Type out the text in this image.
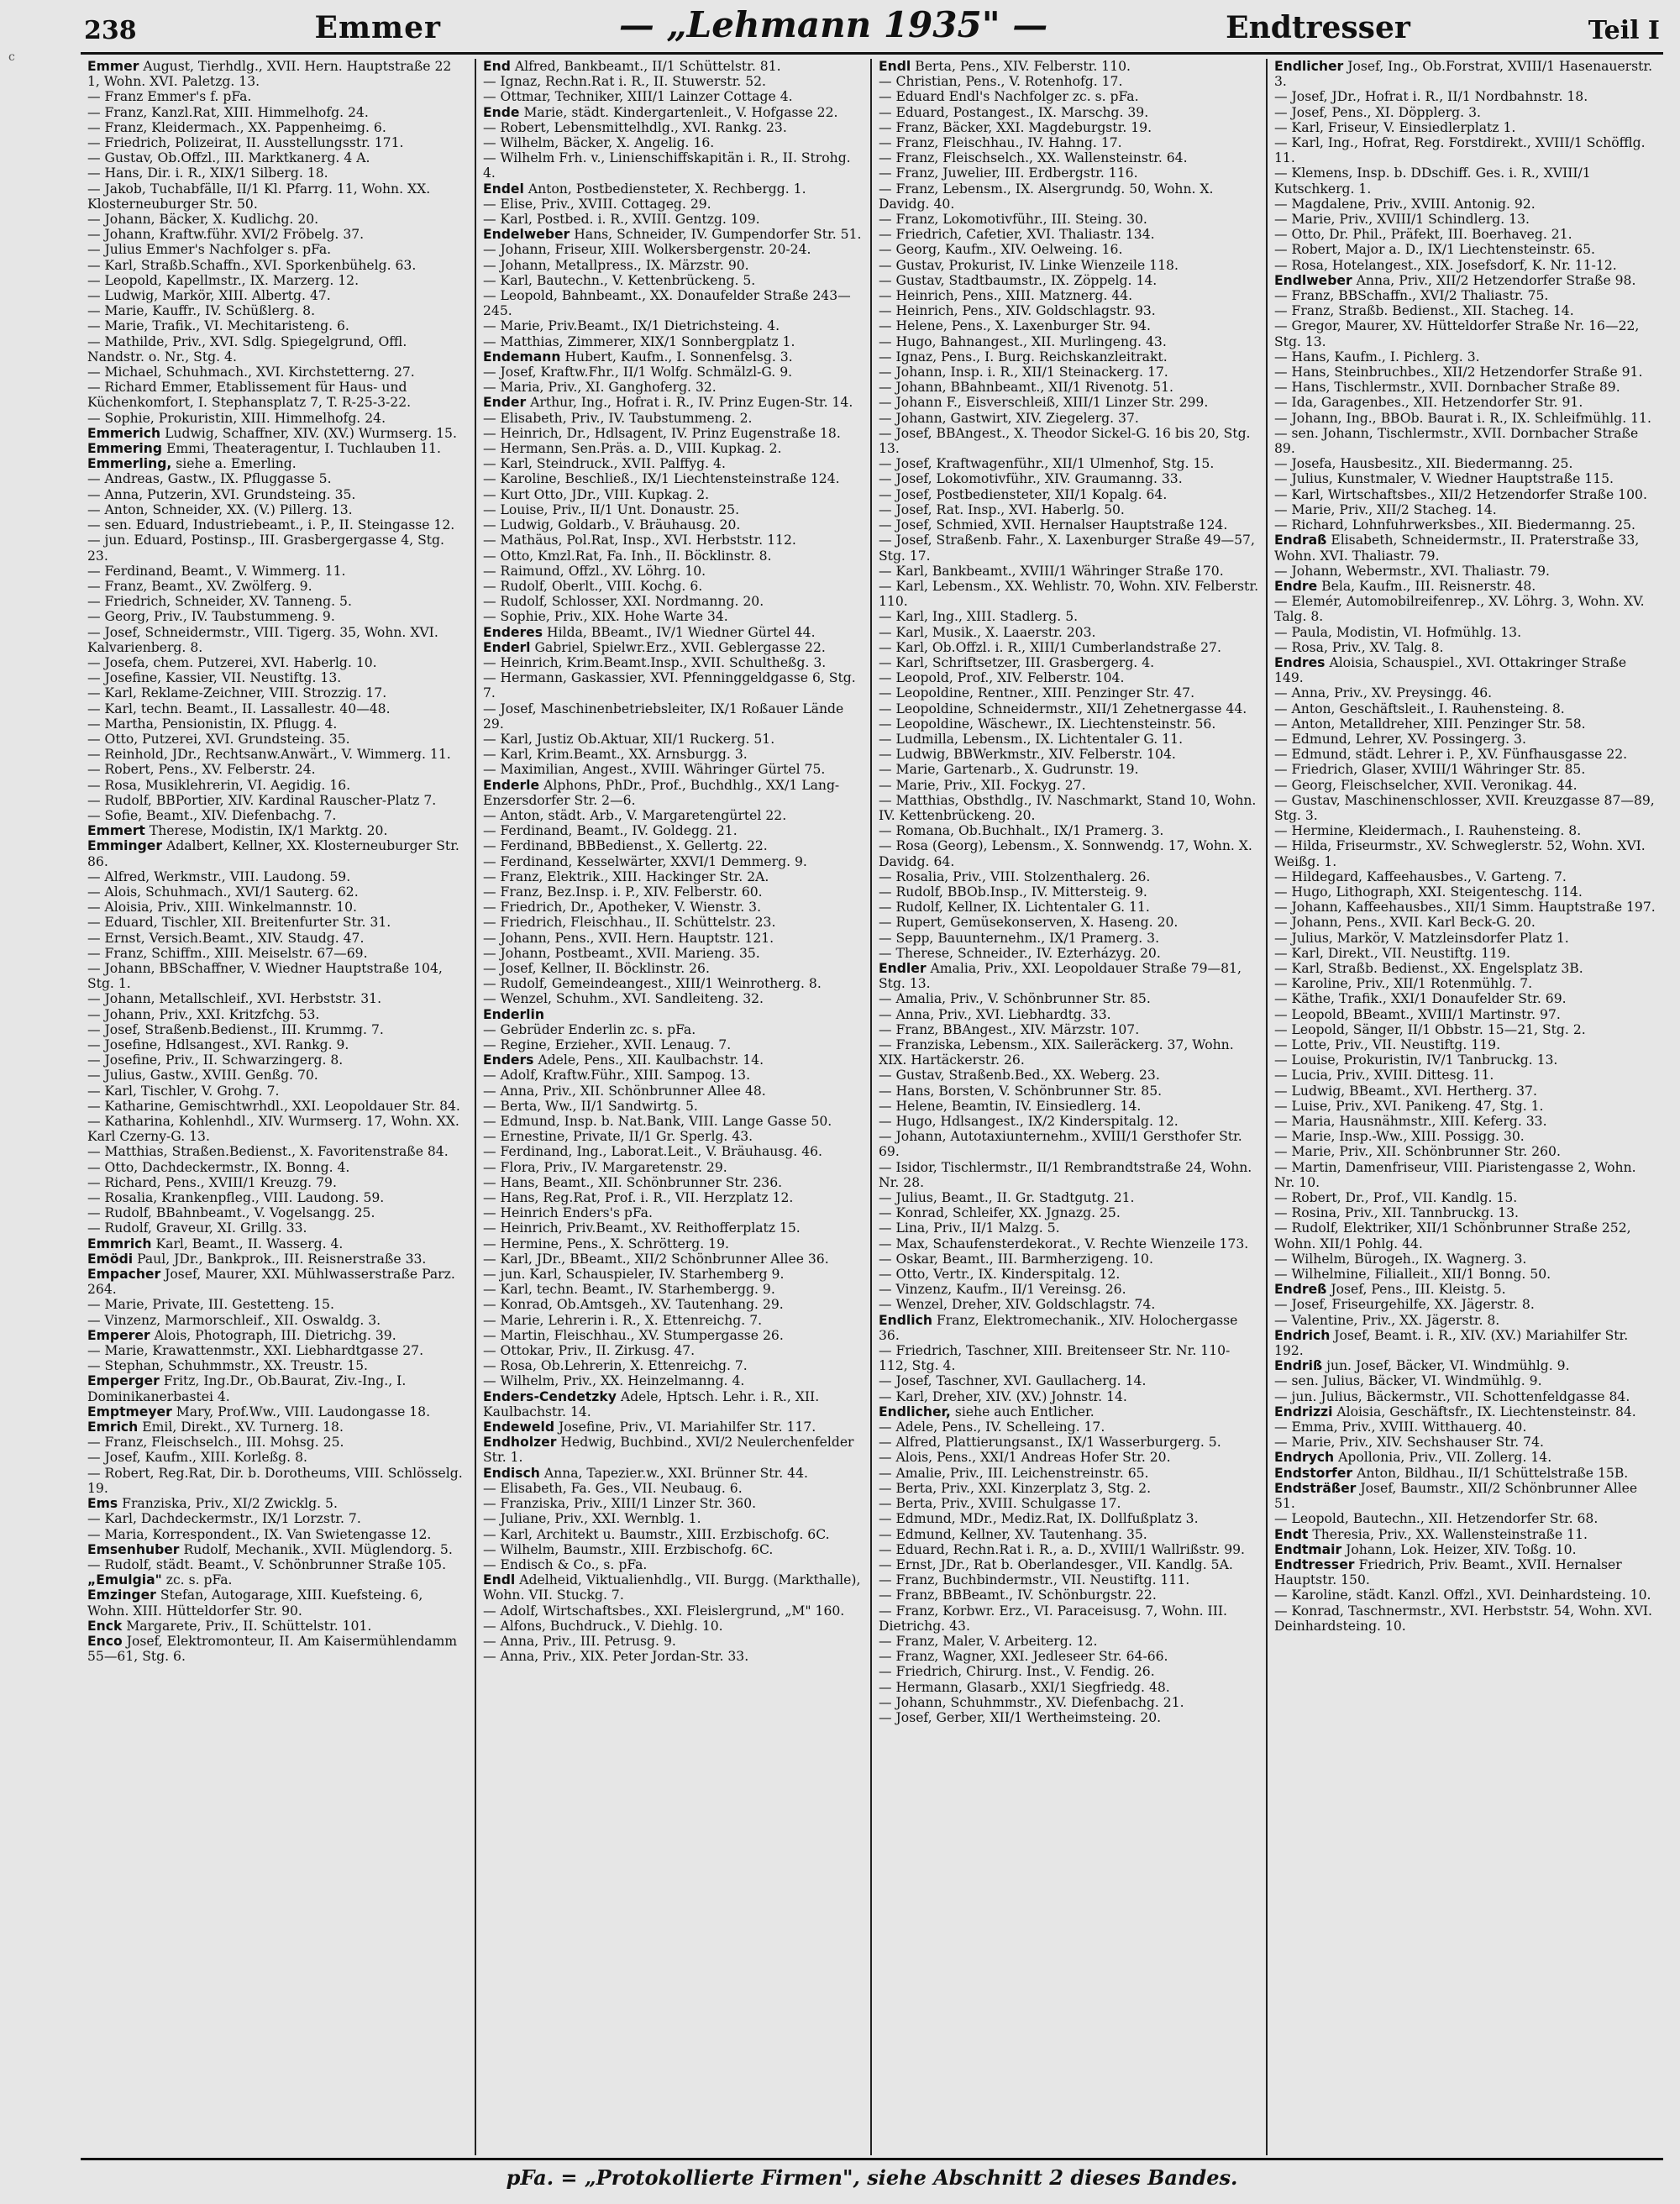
c
238	Emmer	— „Lehmann 1935" —	Endtresser	Teil I
Emmer August, Tierhdlg., XVII. Hern. Hauptstraße 22 1, Wohn. XVI. Paletzg. 13.
— Franz Emmer's f. pFa.
— Franz, Kanzl.Rat, XIII. Himmelhofg. 24.
— Franz, Kleidermach., XX. Pappenheimg. 6.
— Friedrich, Polizeirat, II. Ausstellungsstr. 171.
— Gustav, Ob.Offzl., III. Marktkanerg. 4 A.
— Hans, Dir. i. R., XIX/1 Silberg. 18.
— Jakob, Tuchabfälle, II/1 Kl. Pfarrg. 11, Wohn. XX. Klosterneuburger Str. 50.
— Johann, Bäcker, X. Kudlichg. 20.
— Johann, Kraftw.führ. XVI/2 Fröbelg. 37.
— Julius Emmer's Nachfolger s. pFa.
— Karl, Straßb.Schaffn., XVI. Sporkenbühelg. 63.
— Leopold, Kapellmstr., IX. Marzerg. 12.
— Ludwig, Markör, XIII. Albertg. 47.
— Marie, Kauffr., IV. Schüßlerg. 8.
— Marie, Trafik., VI. Mechitaristeng. 6.
— Mathilde, Priv., XVI. Sdlg. Spiegelgrund, Offl. Nandstr. o. Nr., Stg. 4.
— Michael, Schuhmach., XVI. Kirchstetterng. 27.
— Richard Emmer, Etablissement für Haus- und Küchenkomfort, I. Stephansplatz 7, T. R-25-3-22.
— Sophie, Prokuristin, XIII. Himmelhofg. 24.
Emmerich Ludwig, Schaffner, XIV. (XV.) Wurmserg. 15.
Emmering Emmi, Theateragentur, I. Tuchlauben 11.
Emmerling, siehe a. Emerling.
— Andreas, Gastw., IX. Pfluggasse 5.
— Anna, Putzerin, XVI. Grundsteing. 35.
— Anton, Schneider, XX. (V.) Pillerg. 13.
— sen. Eduard, Industriebeamt., i. P., II. Steingasse 12.
— jun. Eduard, Postinsp., III. Grasbergergasse 4, Stg. 23.
— Ferdinand, Beamt., V. Wimmerg. 11.
— Franz, Beamt., XV. Zwölferg. 9.
— Friedrich, Schneider, XV. Tanneng. 5.
— Georg, Priv., IV. Taubstummeng. 9.
— Josef, Schneidermstr., VIII. Tigerg. 35, Wohn. XVI. Kalvarienberg. 8.
— Josefa, chem. Putzerei, XVI. Haberlg. 10.
— Josefine, Kassier, VII. Neustiftg. 13.
— Karl, Reklame-Zeichner, VIII. Strozzig. 17.
— Karl, techn. Beamt., II. Lassallestr. 40—48.
— Martha, Pensionistin, IX. Pflugg. 4.
— Otto, Putzerei, XVI. Grundsteing. 35.
— Reinhold, JDr., Rechtsanw.Anwärt., V. Wimmerg. 11.
— Robert, Pens., XV. Felberstr. 24.
— Rosa, Musiklehrerin, VI. Aegidig. 16.
— Rudolf, BBPortier, XIV. Kardinal Rauscher-Platz 7.
— Sofie, Beamt., XIV. Diefenbachg. 7.
Emmert Therese, Modistin, IX/1 Marktg. 20.
Emminger Adalbert, Kellner, XX. Klosterneuburger Str. 86.
— Alfred, Werkmstr., VIII. Laudong. 59.
— Alois, Schuhmach., XVI/1 Sauterg. 62.
— Aloisia, Priv., XIII. Winkelmannstr. 10.
— Eduard, Tischler, XII. Breitenfurter Str. 31.
— Ernst, Versich.Beamt., XIV. Staudg. 47.
— Franz, Schiffm., XIII. Meiselstr. 67—69.
— Johann, BBSchaffner, V. Wiedner Hauptstraße 104, Stg. 1.
— Johann, Metallschleif., XVI. Herbststr. 31.
— Johann, Priv., XXI. Kritzfchg. 53.
— Josef, Straßenb.Bedienst., III. Krummg. 7.
— Josefine, Hdlsangest., XVI. Rankg. 9.
— Josefine, Priv., II. Schwarzingerg. 8.
— Julius, Gastw., XVIII. Genßg. 70.
— Karl, Tischler, V. Grohg. 7.
— Katharine, Gemischtwrhdl., XXI. Leopoldauer Str. 84.
— Katharina, Kohlenhdl., XIV. Wurmserg. 17, Wohn. XX. Karl Czerny-G. 13.
— Matthias, Straßen.Bedienst., X. Favoritenstraße 84.
— Otto, Dachdeckermstr., IX. Bonng. 4.
— Richard, Pens., XVIII/1 Kreuzg. 79.
— Rosalia, Krankenpfleg., VIII. Laudong. 59.
— Rudolf, BBahnbeamt., V. Vogelsangg. 25.
— Rudolf, Graveur, XI. Grillg. 33.
Emmrich Karl, Beamt., II. Wasserg. 4.
Emödi Paul, JDr., Bankprok., III. Reisnerstraße 33.
Empacher Josef, Maurer, XXI. Mühlwasserstraße Parz. 264.
— Marie, Private, III. Gestetteng. 15.
— Vinzenz, Marmorschleif., XII. Oswaldg. 3.
Emperer Alois, Photograph, III. Dietrichg. 39.
— Marie, Krawattenmstr., XXI. Liebhardtgasse 27.
— Stephan, Schuhmmstr., XX. Treustr. 15.
Emperger Fritz, Ing.Dr., Ob.Baurat, Ziv.-Ing., I. Dominikanerbastei 4.
Emptmeyer Mary, Prof.Ww., VIII. Laudongasse 18.
Emrich Emil, Direkt., XV. Turnerg. 18.
— Franz, Fleischselch., III. Mohsg. 25.
— Josef, Kaufm., XIII. Korleßg. 8.
— Robert, Reg.Rat, Dir. b. Dorotheums, VIII. Schlösselg. 19.
Ems Franziska, Priv., XI/2 Zwicklg. 5.
— Karl, Dachdeckermstr., IX/1 Lorzstr. 7.
— Maria, Korrespondent., IX. Van Swietengasse 12.
Emsenhuber Rudolf, Mechanik., XVII. Müglendorg. 5.
— Rudolf, städt. Beamt., V. Schönbrunner Straße 105.
„Emulgia" zc. s. pFa.
Emzinger Stefan, Autogarage, XIII. Kuefsteing. 6, Wohn. XIII. Hütteldorfer Str. 90.
Enck Margarete, Priv., II. Schüttelstr. 101.
Enco Josef, Elektromonteur, II. Am Kaisermühlendamm 55—61, Stg. 6.
End Alfred, Bankbeamt., II/1 Schüttelstr. 81.
— Ignaz, Rechn.Rat i. R., II. Stuwerstr. 52.
— Ottmar, Techniker, XIII/1 Lainzer Cottage 4.
Ende Marie, städt. Kindergartenleit., V. Hofgasse 22.
— Robert, Lebensmittelhdlg., XVI. Rankg. 23.
— Wilhelm, Bäcker, X. Angelig. 16.
— Wilhelm Frh. v., Linienschiffskapitän i. R., II. Strohg. 4.
Endel Anton, Postbediensteter, X. Rechbergg. 1.
— Elise, Priv., XVIII. Cottageg. 29.
— Karl, Postbed. i. R., XVIII. Gentzg. 109.
Endelweber Hans, Schneider, IV. Gumpendorfer Str. 51.
— Johann, Friseur, XIII. Wolkersbergenstr. 20-24.
— Johann, Metallpress., IX. Märzstr. 90.
— Karl, Bautechn., V. Kettenbrückeng. 5.
— Leopold, Bahnbeamt., XX. Donaufelder Straße 243—245.
— Marie, Priv.Beamt., IX/1 Dietrichsteing. 4.
— Matthias, Zimmerer, XIX/1 Sonnbergplatz 1.
Endemann Hubert, Kaufm., I. Sonnenfelsg. 3.
— Josef, Kraftw.Fhr., II/1 Wolfg. Schmälzl-G. 9.
— Maria, Priv., XI. Ganghoferg. 32.
Ender Arthur, Ing., Hofrat i. R., IV. Prinz Eugen-Str. 14.
— Elisabeth, Priv., IV. Taubstummeng. 2.
— Heinrich, Dr., Hdlsagent, IV. Prinz Eugenstraße 18.
— Hermann, Sen.Präs. a. D., VIII. Kupkag. 2.
— Karl, Steindruck., XVII. Palffyg. 4.
— Karoline, Beschließ., IX/1 Liechtensteinstraße 124.
— Kurt Otto, JDr., VIII. Kupkag. 2.
— Louise, Priv., II/1 Unt. Donaustr. 25.
— Ludwig, Goldarb., V. Bräuhausg. 20.
— Mathäus, Pol.Rat, Insp., XVI. Herbststr. 112.
— Otto, Kmzl.Rat, Fa. Inh., II. Böcklinstr. 8.
— Raimund, Offzl., XV. Löhrg. 10.
— Rudolf, Oberlt., VIII. Kochg. 6.
— Rudolf, Schlosser, XXI. Nordmanng. 20.
— Sophie, Priv., XIX. Hohe Warte 34.
Enderes Hilda, BBeamt., IV/1 Wiedner Gürtel 44.
Enderl Gabriel, Spielwr.Erz., XVII. Geblergasse 22.
— Heinrich, Krim.Beamt.Insp., XVII. Schultheßg. 3.
— Hermann, Gaskassier, XVI. Pfenninggeldgasse 6, Stg. 7.
— Josef, Maschinenbetriebsleiter, IX/1 Roßauer Lände 29.
— Karl, Justiz Ob.Aktuar, XII/1 Ruckerg. 51.
— Karl, Krim.Beamt., XX. Arnsburgg. 3.
— Maximilian, Angest., XVIII. Währinger Gürtel 75.
Enderle Alphons, PhDr., Prof., Buchdhlg., XX/1 Lang-Enzersdorfer Str. 2—6.
— Anton, städt. Arb., V. Margaretengürtel 22.
— Ferdinand, Beamt., IV. Goldegg. 21.
— Ferdinand, BBBedienst., X. Gellertg. 22.
— Ferdinand, Kesselwärter, XXVI/1 Demmerg. 9.
— Franz, Elektrik., XIII. Hackinger Str. 2A.
— Franz, Bez.Insp. i. P., XIV. Felberstr. 60.
— Friedrich, Dr., Apotheker, V. Wienstr. 3.
— Friedrich, Fleischhau., II. Schüttelstr. 23.
— Johann, Pens., XVII. Hern. Hauptstr. 121.
— Johann, Postbeamt., XVII. Marieng. 35.
— Josef, Kellner, II. Böcklinstr. 26.
— Rudolf, Gemeindeangest., XIII/1 Weinrotherg. 8.
— Wenzel, Schuhm., XVI. Sandleiteng. 32.
Enderlin
— Gebrüder Enderlin zc. s. pFa.
— Regine, Erzieher., XVII. Lenaug. 7.
Enders Adele, Pens., XII. Kaulbachstr. 14.
— Adolf, Kraftw.Führ., XIII. Sampog. 13.
— Anna, Priv., XII. Schönbrunner Allee 48.
— Berta, Ww., II/1 Sandwirtg. 5.
— Edmund, Insp. b. Nat.Bank, VIII. Lange Gasse 50.
— Ernestine, Private, II/1 Gr. Sperlg. 43.
— Ferdinand, Ing., Laborat.Leit., V. Bräuhausg. 46.
— Flora, Priv., IV. Margaretenstr. 29.
— Hans, Beamt., XII. Schönbrunner Str. 236.
— Hans, Reg.Rat, Prof. i. R., VII. Herzplatz 12.
— Heinrich Enders's pFa.
— Heinrich, Priv.Beamt., XV. Reithofferplatz 15.
— Hermine, Pens., X. Schrötterg. 19.
— Karl, JDr., BBeamt., XII/2 Schönbrunner Allee 36.
— jun. Karl, Schauspieler, IV. Starhemberg 9.
— Karl, techn. Beamt., IV. Starhembergg. 9.
— Konrad, Ob.Amtsgeh., XV. Tautenhang. 29.
— Marie, Lehrerin i. R., X. Ettenreichg. 7.
— Martin, Fleischhau., XV. Stumpergasse 26.
— Ottokar, Priv., II. Zirkusg. 47.
— Rosa, Ob.Lehrerin, X. Ettenreichg. 7.
— Wilhelm, Priv., XX. Heinzelmanng. 4.
Enders-Cendetzky Adele, Hptsch. Lehr. i. R., XII. Kaulbachstr. 14.
Endeweld Josefine, Priv., VI. Mariahilfer Str. 117.
Endholzer Hedwig, Buchbind., XVI/2 Neulerchenfelder Str. 1.
Endisch Anna, Tapezier.w., XXI. Brünner Str. 44.
— Elisabeth, Fa. Ges., VII. Neubaug. 6.
— Franziska, Priv., XIII/1 Linzer Str. 360.
— Juliane, Priv., XXI. Wernblg. 1.
— Karl, Architekt u. Baumstr., XIII. Erzbischofg. 6C.
— Wilhelm, Baumstr., XIII. Erzbischofg. 6C.
— Endisch & Co., s. pFa.
Endl Adelheid, Viktualienhdlg., VII. Burgg. (Markthalle), Wohn. VII. Stuckg. 7.
— Adolf, Wirtschaftsbes., XXI. Fleislergrund, „M" 160.
— Alfons, Buchdruck., V. Diehlg. 10.
— Anna, Priv., III. Petrusg. 9.
— Anna, Priv., XIX. Peter Jordan-Str. 33.
Endl Berta, Pens., XIV. Felberstr. 110.
— Christian, Pens., V. Rotenhofg. 17.
— Eduard Endl's Nachfolger zc. s. pFa.
— Eduard, Postangest., IX. Marschg. 39.
— Franz, Bäcker, XXI. Magdeburgstr. 19.
— Franz, Fleischhau., IV. Hahng. 17.
— Franz, Fleischselch., XX. Wallensteinstr. 64.
— Franz, Juwelier, III. Erdbergstr. 116.
— Franz, Lebensm., IX. Alsergrundg. 50, Wohn. X. Davidg. 40.
— Franz, Lokomotivführ., III. Steing. 30.
— Friedrich, Cafetier, XVI. Thaliastr. 134.
— Georg, Kaufm., XIV. Oelweing. 16.
— Gustav, Prokurist, IV. Linke Wienzeile 118.
— Gustav, Stadtbaumstr., IX. Zöppelg. 14.
— Heinrich, Pens., XIII. Matznerg. 44.
— Heinrich, Pens., XIV. Goldschlagstr. 93.
— Helene, Pens., X. Laxenburger Str. 94.
— Hugo, Bahnangest., XII. Murlingeng. 43.
— Ignaz, Pens., I. Burg. Reichskanzleitrakt.
— Johann, Insp. i. R., XII/1 Steinackerg. 17.
— Johann, BBahnbeamt., XII/1 Rivenotg. 51.
— Johann F., Eisverschleiß, XIII/1 Linzer Str. 299.
— Johann, Gastwirt, XIV. Ziegelerg. 37.
— Josef, BBAngest., X. Theodor Sickel-G. 16 bis 20, Stg. 13.
— Josef, Kraftwagenführ., XII/1 Ulmenhof, Stg. 15.
— Josef, Lokomotivführ., XIV. Graumanng. 33.
— Josef, Postbediensteter, XII/1 Kopalg. 64.
— Josef, Rat. Insp., XVI. Haberlg. 50.
— Josef, Schmied, XVII. Hernalser Hauptstraße 124.
— Josef, Straßenb. Fahr., X. Laxenburger Straße 49—57, Stg. 17.
— Karl, Bankbeamt., XVIII/1 Währinger Straße 170.
— Karl, Lebensm., XX. Wehlistr. 70, Wohn. XIV. Felberstr. 110.
— Karl, Ing., XIII. Stadlerg. 5.
— Karl, Musik., X. Laaerstr. 203.
— Karl, Ob.Offzl. i. R., XIII/1 Cumberlandstraße 27.
— Karl, Schriftsetzer, III. Grasbergerg. 4.
— Leopold, Prof., XIV. Felberstr. 104.
— Leopoldine, Rentner., XIII. Penzinger Str. 47.
— Leopoldine, Schneidermstr., XII/1 Zehetnergasse 44.
— Leopoldine, Wäschewr., IX. Liechtensteinstr. 56.
— Ludmilla, Lebensm., IX. Lichtentaler G. 11.
— Ludwig, BBWerkmstr., XIV. Felberstr. 104.
— Marie, Gartenarb., X. Gudrunstr. 19.
— Marie, Priv., XII. Fockyg. 27.
— Matthias, Obsthdlg., IV. Naschmarkt, Stand 10, Wohn. IV. Kettenbrückeng. 20.
— Romana, Ob.Buchhalt., IX/1 Pramerg. 3.
— Rosa (Georg), Lebensm., X. Sonnwendg. 17, Wohn. X. Davidg. 64.
— Rosalia, Priv., VIII. Stolzenthalerg. 26.
— Rudolf, BBOb.Insp., IV. Mittersteig. 9.
— Rudolf, Kellner, IX. Lichtentaler G. 11.
— Rupert, Gemüsekonserven, X. Haseng. 20.
— Sepp, Bauunternehm., IX/1 Pramerg. 3.
— Therese, Schneider., IV. Ezterházyg. 20.
Endler Amalia, Priv., XXI. Leopoldauer Straße 79—81, Stg. 13.
— Amalia, Priv., V. Schönbrunner Str. 85.
— Anna, Priv., XVI. Liebhardtg. 33.
— Franz, BBAngest., XIV. Märzstr. 107.
— Franziska, Lebensm., XIX. Saileräckerg. 37, Wohn. XIX. Hartäckerstr. 26.
— Gustav, Straßenb.Bed., XX. Weberg. 23.
— Hans, Borsten, V. Schönbrunner Str. 85.
— Helene, Beamtin, IV. Einsiedlerg. 14.
— Hugo, Hdlsangest., IX/2 Kinderspitalg. 12.
— Johann, Autotaxiunternehm., XVIII/1 Gersthofer Str. 69.
— Isidor, Tischlermstr., II/1 Rembrandtstraße 24, Wohn. Nr. 28.
— Julius, Beamt., II. Gr. Stadtgutg. 21.
— Konrad, Schleifer, XX. Jgnazg. 25.
— Lina, Priv., II/1 Malzg. 5.
— Max, Schaufensterdekorat., V. Rechte Wienzeile 173.
— Oskar, Beamt., III. Barmherzigeng. 10.
— Otto, Vertr., IX. Kinderspitalg. 12.
— Vinzenz, Kaufm., II/1 Vereinsg. 26.
— Wenzel, Dreher, XIV. Goldschlagstr. 74.
Endlich Franz, Elektromechanik., XIV. Holochergasse 36.
— Friedrich, Taschner, XIII. Breitenseer Str. Nr. 110-112, Stg. 4.
— Josef, Taschner, XVI. Gaullacherg. 14.
— Karl, Dreher, XIV. (XV.) Johnstr. 14.
Endlicher, siehe auch Entlicher.
— Adele, Pens., IV. Schelleing. 17.
— Alfred, Plattierungsanst., IX/1 Wasserburgerg. 5.
— Alois, Pens., XXI/1 Andreas Hofer Str. 20.
— Amalie, Priv., III. Leichenstreinstr. 65.
— Berta, Priv., XXI. Kinzerplatz 3, Stg. 2.
— Berta, Priv., XVIII. Schulgasse 17.
— Edmund, MDr., Mediz.Rat, IX. Dollfußplatz 3.
— Edmund, Kellner, XV. Tautenhang. 35.
— Eduard, Rechn.Rat i. R., a. D., XVIII/1 Wallrißstr. 99.
— Ernst, JDr., Rat b. Oberlandesger., VII. Kandlg. 5A.
— Franz, Buchbindermstr., VII. Neustiftg. 111.
— Franz, BBBeamt., IV. Schönburgstr. 22.
— Franz, Korbwr. Erz., VI. Paraceisusg. 7, Wohn. III. Dietrichg. 43.
— Franz, Maler, V. Arbeiterg. 12.
— Franz, Wagner, XXI. Jedleseer Str. 64-66.
— Friedrich, Chirurg. Inst., V. Fendig. 26.
— Hermann, Glasarb., XXI/1 Siegfriedg. 48.
— Johann, Schuhmmstr., XV. Diefenbachg. 21.
— Josef, Gerber, XII/1 Wertheimsteing. 20.
Endlicher Josef, Ing., Ob.Forstrat, XVIII/1 Hasenauerstr. 3.
— Josef, JDr., Hofrat i. R., II/1 Nordbahnstr. 18.
— Josef, Pens., XI. Döpplerg. 3.
— Karl, Friseur, V. Einsiedlerplatz 1.
— Karl, Ing., Hofrat, Reg. Forstdirekt., XVIII/1 Schöfflg. 11.
— Klemens, Insp. b. DDschiff. Ges. i. R., XVIII/1 Kutschkerg. 1.
— Magdalene, Priv., XVIII. Antonig. 92.
— Marie, Priv., XVIII/1 Schindlerg. 13.
— Otto, Dr. Phil., Präfekt, III. Boerhaveg. 21.
— Robert, Major a. D., IX/1 Liechtensteinstr. 65.
— Rosa, Hotelangest., XIX. Josefsdorf, K. Nr. 11-12.
Endlweber Anna, Priv., XII/2 Hetzendorfer Straße 98.
— Franz, BBSchaffn., XVI/2 Thaliastr. 75.
— Franz, Straßb. Bedienst., XII. Stacheg. 14.
— Gregor, Maurer, XV. Hütteldorfer Straße Nr. 16—22, Stg. 13.
— Hans, Kaufm., I. Pichlerg. 3.
— Hans, Steinbruchbes., XII/2 Hetzendorfer Straße 91.
— Hans, Tischlermstr., XVII. Dornbacher Straße 89.
— Ida, Garagenbes., XII. Hetzendorfer Str. 91.
— Johann, Ing., BBOb. Baurat i. R., IX. Schleifmühlg. 11.
— sen. Johann, Tischlermstr., XVII. Dornbacher Straße 89.
— Josefa, Hausbesitz., XII. Biedermanng. 25.
— Julius, Kunstmaler, V. Wiedner Hauptstraße 115.
— Karl, Wirtschaftsbes., XII/2 Hetzendorfer Straße 100.
— Marie, Priv., XII/2 Stacheg. 14.
— Richard, Lohnfuhrwerksbes., XII. Biedermanng. 25.
Endraß Elisabeth, Schneidermstr., II. Praterstraße 33, Wohn. XVI. Thaliastr. 79.
— Johann, Webermstr., XVI. Thaliastr. 79.
Endre Bela, Kaufm., III. Reisnerstr. 48.
— Elemér, Automobilreifenrep., XV. Löhrg. 3, Wohn. XV. Talg. 8.
— Paula, Modistin, VI. Hofmühlg. 13.
— Rosa, Priv., XV. Talg. 8.
Endres Aloisia, Schauspiel., XVI. Ottakringer Straße 149.
— Anna, Priv., XV. Preysingg. 46.
— Anton, Geschäftsleit., I. Rauhensteing. 8.
— Anton, Metalldreher, XIII. Penzinger Str. 58.
— Edmund, Lehrer, XV. Possingerg. 3.
— Edmund, städt. Lehrer i. P., XV. Fünfhausgasse 22.
— Friedrich, Glaser, XVIII/1 Währinger Str. 85.
— Georg, Fleischselcher, XVII. Veronikag. 44.
— Gustav, Maschinenschlosser, XVII. Kreuzgasse 87—89, Stg. 3.
— Hermine, Kleidermach., I. Rauhensteing. 8.
— Hilda, Friseurmstr., XV. Schweglerstr. 52, Wohn. XVI. Weißg. 1.
— Hildegard, Kaffeehausbes., V. Garteng. 7.
— Hugo, Lithograph, XXI. Steigenteschg. 114.
— Johann, Kaffeehausbes., XII/1 Simm. Hauptstraße 197.
— Johann, Pens., XVII. Karl Beck-G. 20.
— Julius, Markör, V. Matzleinsdorfer Platz 1.
— Karl, Direkt., VII. Neustiftg. 119.
— Karl, Straßb. Bedienst., XX. Engelsplatz 3B.
— Karoline, Priv., XII/1 Rotenmühlg. 7.
— Käthe, Trafik., XXI/1 Donaufelder Str. 69.
— Leopold, BBeamt., XVIII/1 Martinstr. 97.
— Leopold, Sänger, II/1 Obbstr. 15—21, Stg. 2.
— Lotte, Priv., VII. Neustiftg. 119.
— Louise, Prokuristin, IV/1 Tanbruckg. 13.
— Lucia, Priv., XVIII. Dittesg. 11.
— Ludwig, BBeamt., XVI. Hertherg. 37.
— Luise, Priv., XVI. Panikeng. 47, Stg. 1.
— Maria, Hausnähmstr., XIII. Keferg. 33.
— Marie, Insp.-Ww., XIII. Possigg. 30.
— Marie, Priv., XII. Schönbrunner Str. 260.
— Martin, Damenfriseur, VIII. Piaristengasse 2, Wohn. Nr. 10.
— Robert, Dr., Prof., VII. Kandlg. 15.
— Rosina, Priv., XII. Tannbruckg. 13.
— Rudolf, Elektriker, XII/1 Schönbrunner Straße 252, Wohn. XII/1 Pohlg. 44.
— Wilhelm, Bürogeh., IX. Wagnerg. 3.
— Wilhelmine, Filialleit., XII/1 Bonng. 50.
Endreß Josef, Pens., III. Kleistg. 5.
— Josef, Friseurgehilfe, XX. Jägerstr. 8.
— Valentine, Priv., XX. Jägerstr. 8.
Endrich Josef, Beamt. i. R., XIV. (XV.) Mariahilfer Str. 192.
Endriß jun. Josef, Bäcker, VI. Windmühlg. 9.
— sen. Julius, Bäcker, VI. Windmühlg. 9.
— jun. Julius, Bäckermstr., VII. Schottenfeldgasse 84.
Endrizzi Aloisia, Geschäftsfr., IX. Liechtensteinstr. 84.
— Emma, Priv., XVIII. Witthauerg. 40.
— Marie, Priv., XIV. Sechshauser Str. 74.
Endrych Apollonia, Priv., VII. Zollerg. 14.
Endstorfer Anton, Bildhau., II/1 Schüttelstraße 15B.
Endsträßer Josef, Baumstr., XII/2 Schönbrunner Allee 51.
— Leopold, Bautechn., XII. Hetzendorfer Str. 68.
Endt Theresia, Priv., XX. Wallensteinstraße 11.
Endtmair Johann, Lok. Heizer, XIV. Toßg. 10.
Endtresser Friedrich, Priv. Beamt., XVII. Hernalser Hauptstr. 150.
— Karoline, städt. Kanzl. Offzl., XVI. Deinhardsteing. 10.
— Konrad, Taschnermstr., XVI. Herbststr. 54, Wohn. XVI. Deinhardsteing. 10.
pFa. = „Protokollierte Firmen", siehe Abschnitt 2 dieses Bandes.
